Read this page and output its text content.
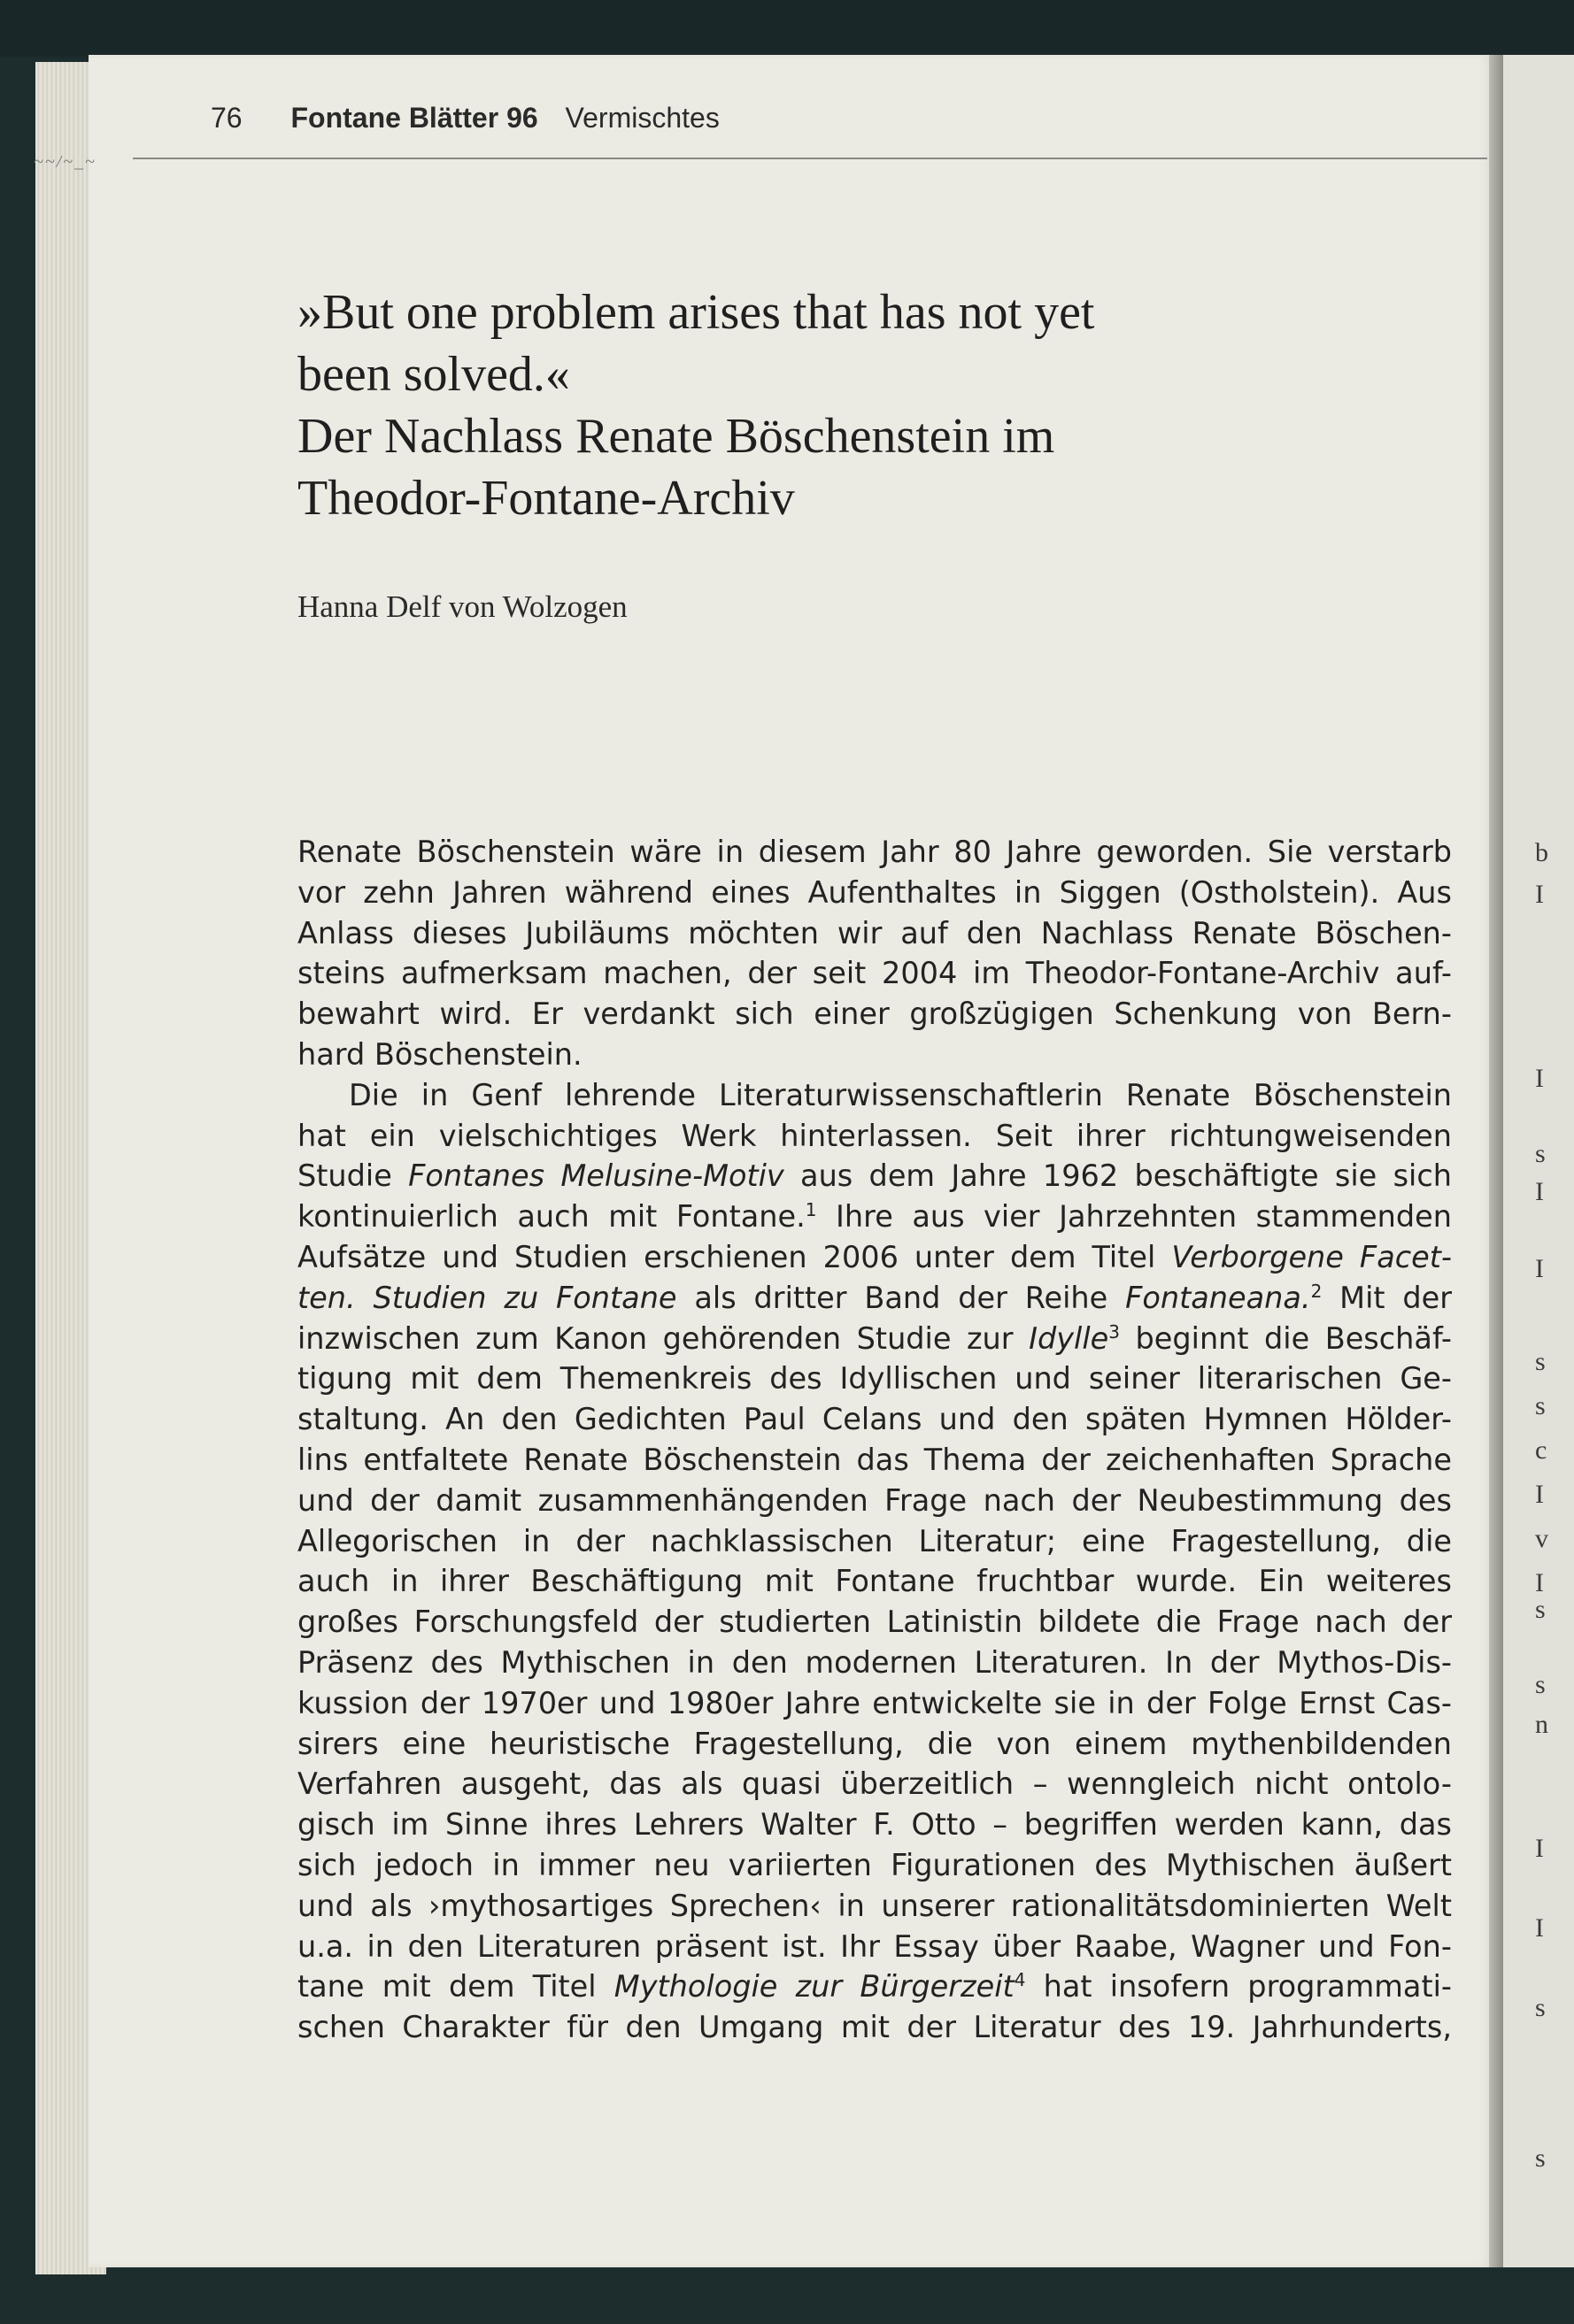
b
I
I
s
I
I
s
s
c
I
v
I
s
s
n
I
I
s
s
~~/~_~
76 Fontane Blätter 96 Vermischtes
»But one problem arises that has not yet
been solved.«
Der Nachlass Renate Böschenstein im
Theodor-Fontane-Archiv
Hanna Delf von Wolzogen
Renate Böschenstein wäre in diesem Jahr 80 Jahre geworden. Sie verstarb
vor zehn Jahren während eines Aufenthaltes in Siggen (Ostholstein). Aus
Anlass dieses Jubiläums möchten wir auf den Nachlass Renate Böschen-
steins aufmerksam machen, der seit 2004 im Theodor-Fontane-Archiv auf-
bewahrt wird. Er verdankt sich einer großzügigen Schenkung von Bern-
hard Böschenstein.
Die in Genf lehrende Literaturwissenschaftlerin Renate Böschenstein
hat ein vielschichtiges Werk hinterlassen. Seit ihrer richtungweisenden
Studie Fontanes Melusine-Motiv aus dem Jahre 1962 beschäftigte sie sich
kontinuierlich auch mit Fontane.$^1$ Ihre aus vier Jahrzehnten stammenden
Aufsätze und Studien erschienen 2006 unter dem Titel Verborgene Facet-
ten. Studien zu Fontane als dritter Band der Reihe Fontaneana.$^2$ Mit der
inzwischen zum Kanon gehörenden Studie zur Idylle$^3$ beginnt die Beschäf-
tigung mit dem Themenkreis des Idyllischen und seiner literarischen Ge-
staltung. An den Gedichten Paul Celans und den späten Hymnen Hölder-
lins entfaltete Renate Böschenstein das Thema der zeichenhaften Sprache
und der damit zusammenhängenden Frage nach der Neubestimmung des
Allegorischen in der nachklassischen Literatur; eine Fragestellung, die
auch in ihrer Beschäftigung mit Fontane fruchtbar wurde. Ein weiteres
großes Forschungsfeld der studierten Latinistin bildete die Frage nach der
Präsenz des Mythischen in den modernen Literaturen. In der Mythos-Dis-
kussion der 1970er und 1980er Jahre entwickelte sie in der Folge Ernst Cas-
sirers eine heuristische Fragestellung, die von einem mythenbildenden
Verfahren ausgeht, das als quasi überzeitlich – wenngleich nicht ontolo-
gisch im Sinne ihres Lehrers Walter F. Otto – begriffen werden kann, das
sich jedoch in immer neu variierten Figurationen des Mythischen äußert
und als ›mythosartiges Sprechen‹ in unserer rationalitätsdominierten Welt
u.a. in den Literaturen präsent ist. Ihr Essay über Raabe, Wagner und Fon-
tane mit dem Titel Mythologie zur Bürgerzeit$^4$ hat insofern programmati-
schen Charakter für den Umgang mit der Literatur des 19. Jahrhunderts,
